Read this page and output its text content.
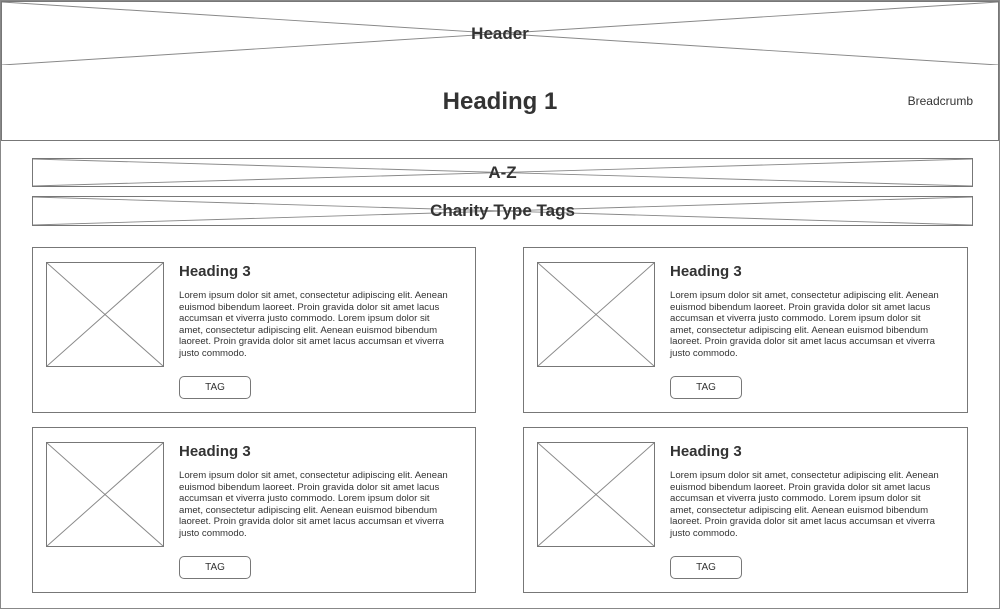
Header
Heading 1	Breadcrumb
A-Z
Charity Type Tags
Heading 3

Lorem ipsum dolor sit amet, consectetur adipiscing elit. Aenean euismod bibendum laoreet. Proin gravida dolor sit amet lacus accumsan et viverra justo commodo. Lorem ipsum dolor sit amet, consectetur adipiscing elit. Aenean euismod bibendum laoreet. Proin gravida dolor sit amet lacus accumsan et viverra justo commodo.

TAG
Heading 3

Lorem ipsum dolor sit amet, consectetur adipiscing elit. Aenean euismod bibendum laoreet. Proin gravida dolor sit amet lacus accumsan et viverra justo commodo. Lorem ipsum dolor sit amet, consectetur adipiscing elit. Aenean euismod bibendum laoreet. Proin gravida dolor sit amet lacus accumsan et viverra justo commodo.

TAG
Heading 3

Lorem ipsum dolor sit amet, consectetur adipiscing elit. Aenean euismod bibendum laoreet. Proin gravida dolor sit amet lacus accumsan et viverra justo commodo. Lorem ipsum dolor sit amet, consectetur adipiscing elit. Aenean euismod bibendum laoreet. Proin gravida dolor sit amet lacus accumsan et viverra justo commodo.

TAG
Heading 3

Lorem ipsum dolor sit amet, consectetur adipiscing elit. Aenean euismod bibendum laoreet. Proin gravida dolor sit amet lacus accumsan et viverra justo commodo. Lorem ipsum dolor sit amet, consectetur adipiscing elit. Aenean euismod bibendum laoreet. Proin gravida dolor sit amet lacus accumsan et viverra justo commodo.

TAG
